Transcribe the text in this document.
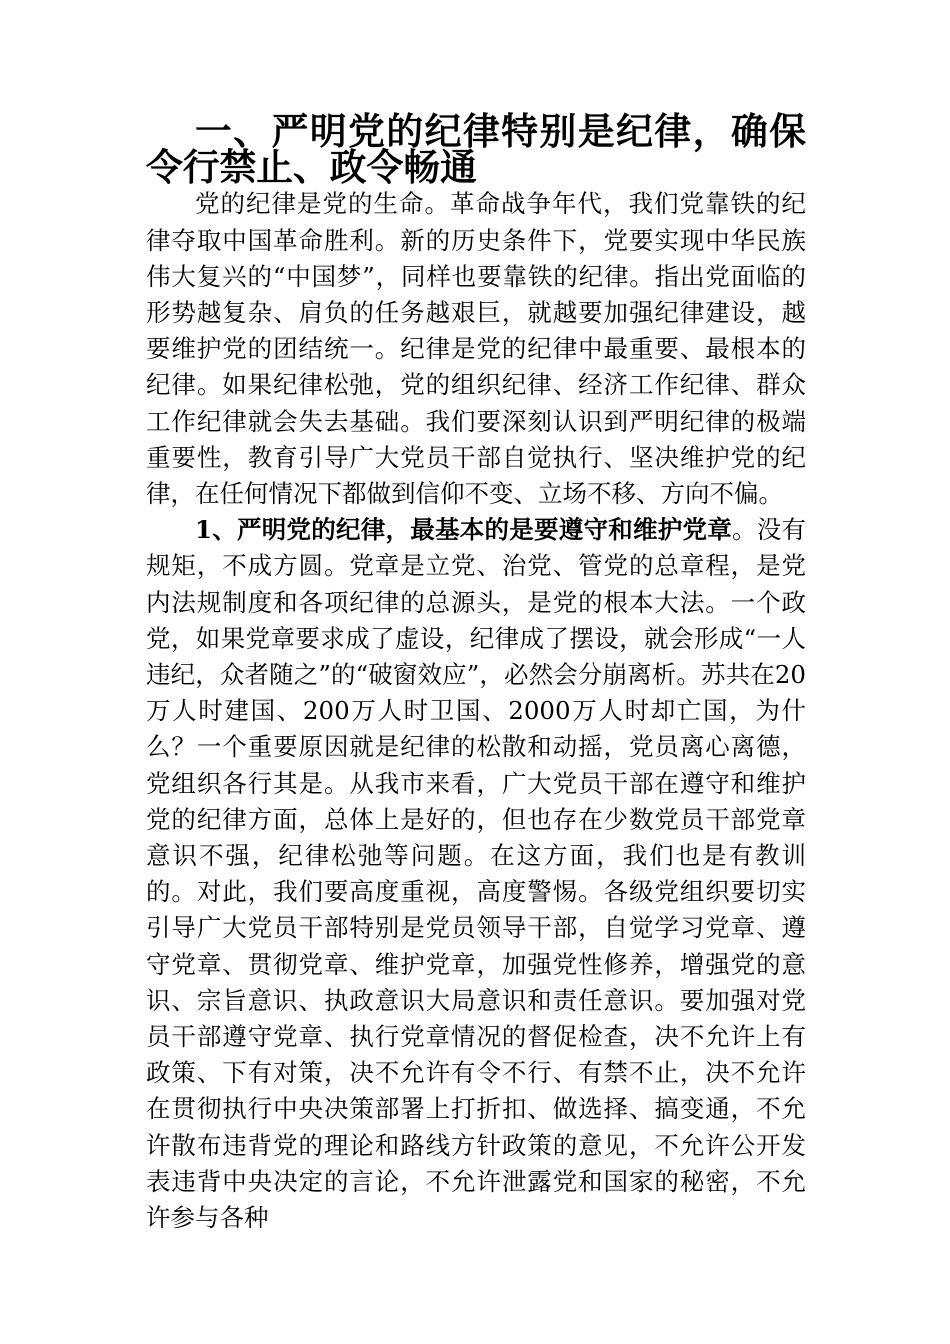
一、严明党的纪律特别是纪律，确保令行禁止、政令畅通

党的纪律是党的生命。革命战争年代，我们党靠铁的纪律夺取中国革命胜利。新的历史条件下，党要实现中华民族伟大复兴的“中国梦”，同样也要靠铁的纪律。指出党面临的形势越复杂、肩负的任务越艰巨，就越要加强纪律建设，越要维护党的团结统一。纪律是党的纪律中最重要、最根本的纪律。如果纪律松弛，党的组织纪律、经济工作纪律、群众工作纪律就会失去基础。我们要深刻认识到严明纪律的极端重要性，教育引导广大党员干部自觉执行、坚决维护党的纪律，在任何情况下都做到信仰不变、立场不移、方向不偏。

1、严明党的纪律，最基本的是要遵守和维护党章。没有规矩，不成方圆。党章是立党、治党、管党的总章程，是党内法规制度和各项纪律的总源头，是党的根本大法。一个政党，如果党章要求成了虚设，纪律成了摆设，就会形成“一人违纪，众者随之”的“破窗效应”，必然会分崩离析。苏共在20万人时建国、200万人时卫国、2000万人时却亡国，为什么？一个重要原因就是纪律的松散和动摇，党员离心离德，党组织各行其是。从我市来看，广大党员干部在遵守和维护党的纪律方面，总体上是好的，但也存在少数党员干部党章意识不强，纪律松弛等问题。在这方面，我们也是有教训的。对此，我们要高度重视，高度警惕。各级党组织要切实引导广大党员干部特别是党员领导干部，自觉学习党章、遵守党章、贯彻党章、维护党章，加强党性修养，增强党的意识、宗旨意识、执政意识大局意识和责任意识。要加强对党员干部遵守党章、执行党章情况的督促检查，决不允许上有政策、下有对策，决不允许有令不行、有禁不止，决不允许在贯彻执行中央决策部署上打折扣、做选择、搞变通，不允许散布违背党的理论和路线方针政策的意见，不允许公开发表违背中央决定的言论，不允许泄露党和国家的秘密，不允许参与各种
